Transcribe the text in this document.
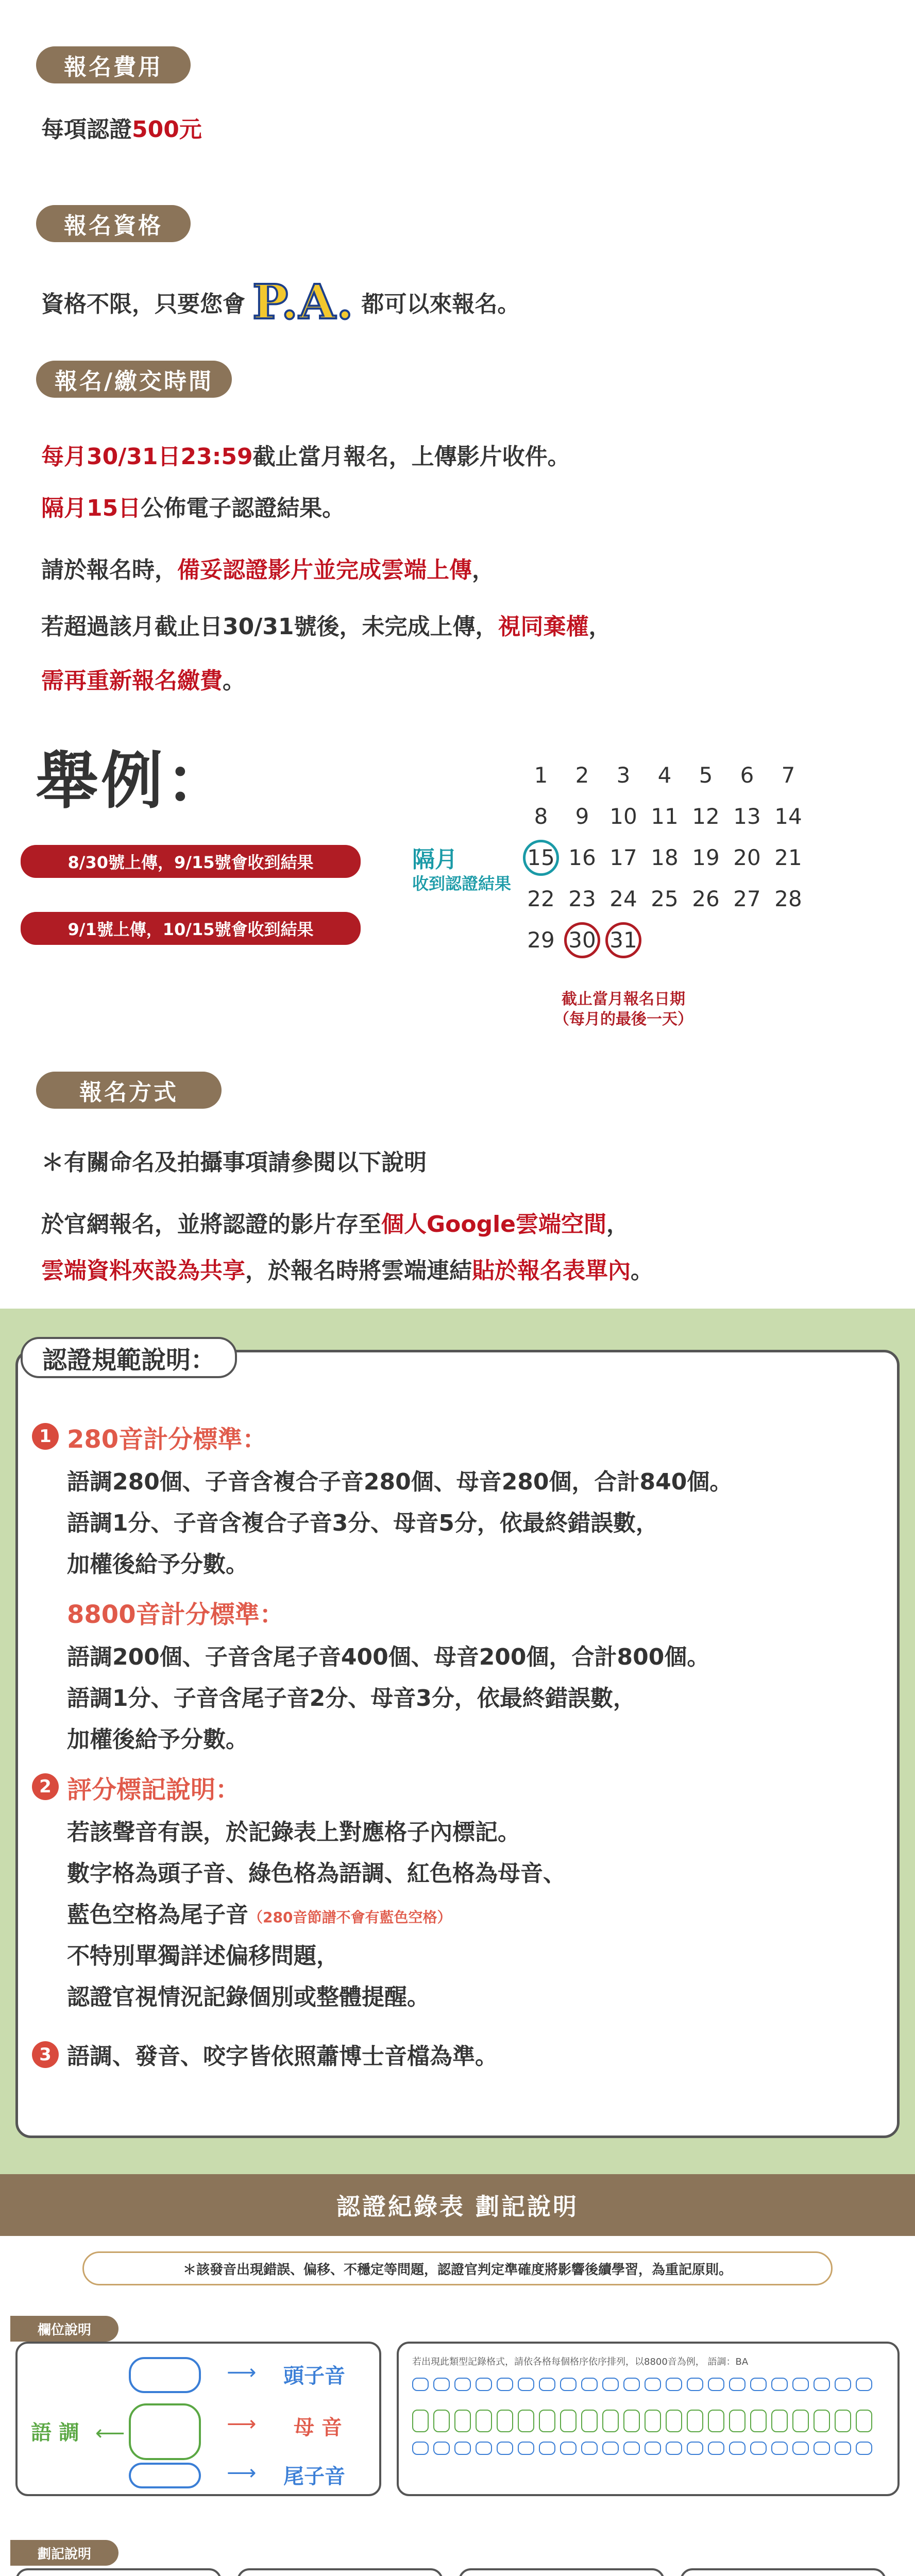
報名費用
每項認證500元
報名資格
資格不限，只要您會 P.A. 都可以來報名。
報名/繳交時間
每月30/31日23:59截止當月報名，上傳影片收件。
隔月15日公佈電子認證結果。
請於報名時，備妥認證影片並完成雲端上傳，
若超過該月截止日30/31號後，未完成上傳，視同棄權，
需再重新報名繳費。
舉例：
8/30號上傳，9/15號會收到結果
9/1號上傳，10/15號會收到結果
隔月
收到認證結果
1	2	3	4	5	6	7
8	9 10 11 12 13 14
15 16 17 18 19 20 21
22 23 24 25 26 27 28
29 30 31
截止當月報名日期
（每月的最後一天）
報名方式
＊有關命名及拍攝事項請參閱以下說明
於官網報名，並將認證的影片存至個人Google雲端空間，
雲端資料夾設為共享，於報名時將雲端連結貼於報名表單內。
認證規範說明：
1 280音計分標準：
語調280個、子音含複合子音280個、母音280個，合計840個。
語調1分、子音含複合子音3分、母音5分，依最終錯誤數，
加權後給予分數。
8800音計分標準：
語調200個、子音含尾子音400個、母音200個，合計800個。
語調1分、子音含尾子音2分、母音3分，依最終錯誤數，
加權後給予分數。
2 評分標記說明：
若該聲音有誤，於記錄表上對應格子內標記。
數字格為頭子音、綠色格為語調、紅色格為母音、
藍色空格為尾子音（280音節譜不會有藍色空格）
不特別單獨詳述偏移問題，
認證官視情況記錄個別或整體提醒。
3 語調、發音、咬字皆依照蕭博士音檔為準。
認證紀錄表 劃記說明
＊該發音出現錯誤、偏移、不穩定等問題，認證官判定準確度將影響後續學習，為重記原則。
欄位說明
語 調 ⟵
頭子音
母 音
尾子音
⟶
⟶
⟶
若出現此類型記錄格式，請依各格每個格序依序排列，以8800音為例， 語調：BA
劃記說明
